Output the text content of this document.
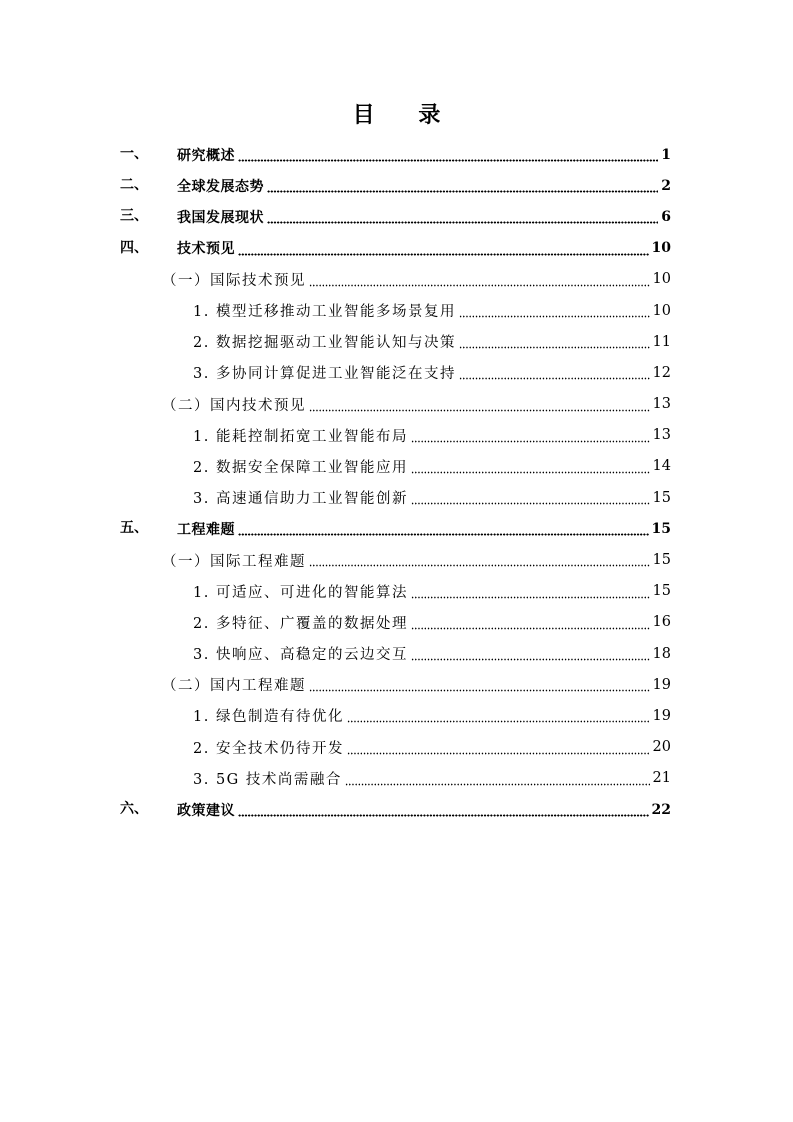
目 录
一、 研究概述	1
二、 全球发展态势	2
三、 我国发展现状	6
四、 技术预见	10
（一）国际技术预见	10
1. 模型迁移推动工业智能多场景复用	10
2. 数据挖掘驱动工业智能认知与决策	11
3. 多协同计算促进工业智能泛在支持	12
（二）国内技术预见	13
1. 能耗控制拓宽工业智能布局	13
2. 数据安全保障工业智能应用	14
3. 高速通信助力工业智能创新	15
五、 工程难题	15
（一）国际工程难题	15
1. 可适应、可进化的智能算法	15
2. 多特征、广覆盖的数据处理	16
3. 快响应、高稳定的云边交互	18
（二）国内工程难题	19
1. 绿色制造有待优化	19
2. 安全技术仍待开发	20
3. 5G 技术尚需融合	21
六、 政策建议	22
